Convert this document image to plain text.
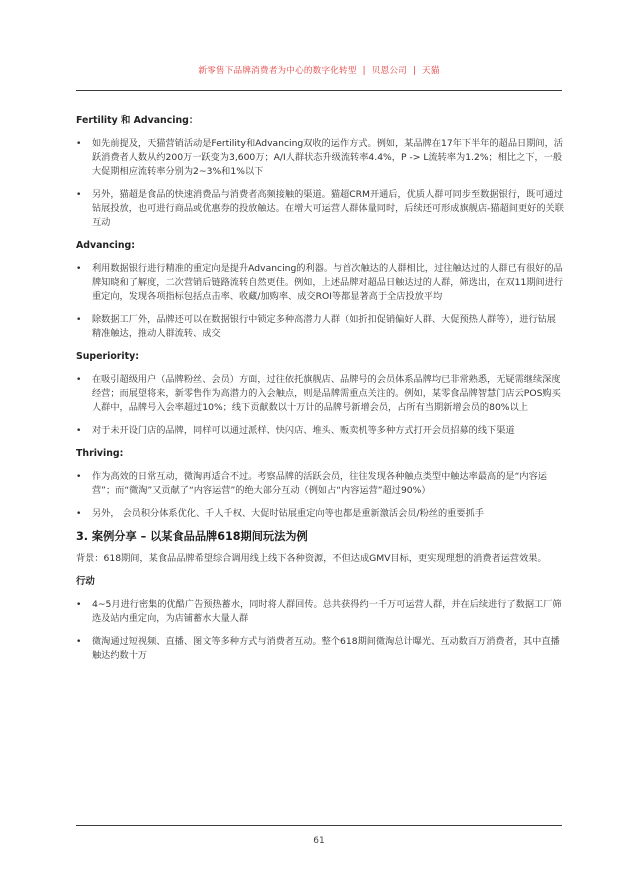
新零售下品牌消费者为中心的数字化转型 | 贝恩公司 | 天猫
Fertility 和 Advancing：
• 如先前提及，天猫营销活动是Fertility和Advancing双收的运作方式。例如，某品牌在17年下半年的超品日期间，活跃消费者人数从约200万一跃变为3,600万；A/I人群状态升级流转率4.4%，P -> L流转率为1.2%；相比之下，一般大促期相应流转率分别为2~3%和1%以下
• 另外，猫超是食品的快速消费品与消费者高频接触的渠道。猫超CRM开通后，优质人群可同步至数据银行，既可通过钻展投放，也可进行商品或优惠券的投放触达。在增大可运营人群体量同时，后续还可形成旗舰店-猫超间更好的关联互动
Advancing:
• 利用数据银行进行精准的重定向是提升Advancing的利器。与首次触达的人群相比，过往触达过的人群已有很好的品牌知晓和了解度，二次营销后链路流转自然更佳。例如，上述品牌对超品日触达过的人群，筛选出，在双11期间进行重定向，发现各项指标包括点击率、收藏/加购率、成交ROI等都显著高于全店投放平均
• 除数据工厂外，品牌还可以在数据银行中锁定多种高潜力人群（如折扣促销偏好人群、大促预热人群等），进行钻展精准触达，推动人群流转、成交
Superiority:
• 在吸引超级用户（品牌粉丝、会员）方面，过往依托旗舰店、品牌号的会员体系品牌均已非常熟悉，无疑需继续深度经营；而展望将来，新零售作为高潜力的入会触点，则是品牌需重点关注的。例如，某零食品牌智慧门店云POS购买人群中，品牌号入会率超过10%；线下贡献数以十万计的品牌号新增会员，占所有当期新增会员的80%以上
• 对于未开设门店的品牌，同样可以通过派样、快闪店、堆头、贩卖机等多种方式打开会员招募的线下渠道
Thriving:
• 作为高效的日常互动，微淘再适合不过。考察品牌的活跃会员，往往发现各种触点类型中触达率最高的是“内容运营”；而“微淘”又贡献了“内容运营”的绝大部分互动（例如占“内容运营”超过90%）
• 另外， 会员积分体系优化、千人千权、大促时钻展重定向等也都是重新激活会员/粉丝的重要抓手
3. 案例分享 – 以某食品品牌618期间玩法为例
背景：618期间，某食品品牌希望综合调用线上线下各种资源，不但达成GMV目标，更实现理想的消费者运营效果。
行动
• 4~5月进行密集的优酷广告预热蓄水，同时将人群回传。总共获得约一千万可运营人群，并在后续进行了数据工厂筛选及站内重定向，为店铺蓄水大量人群
• 微淘通过短视频、直播、图文等多种方式与消费者互动。整个618期间微淘总计曝光、互动数百万消费者，其中直播触达约数十万
61
